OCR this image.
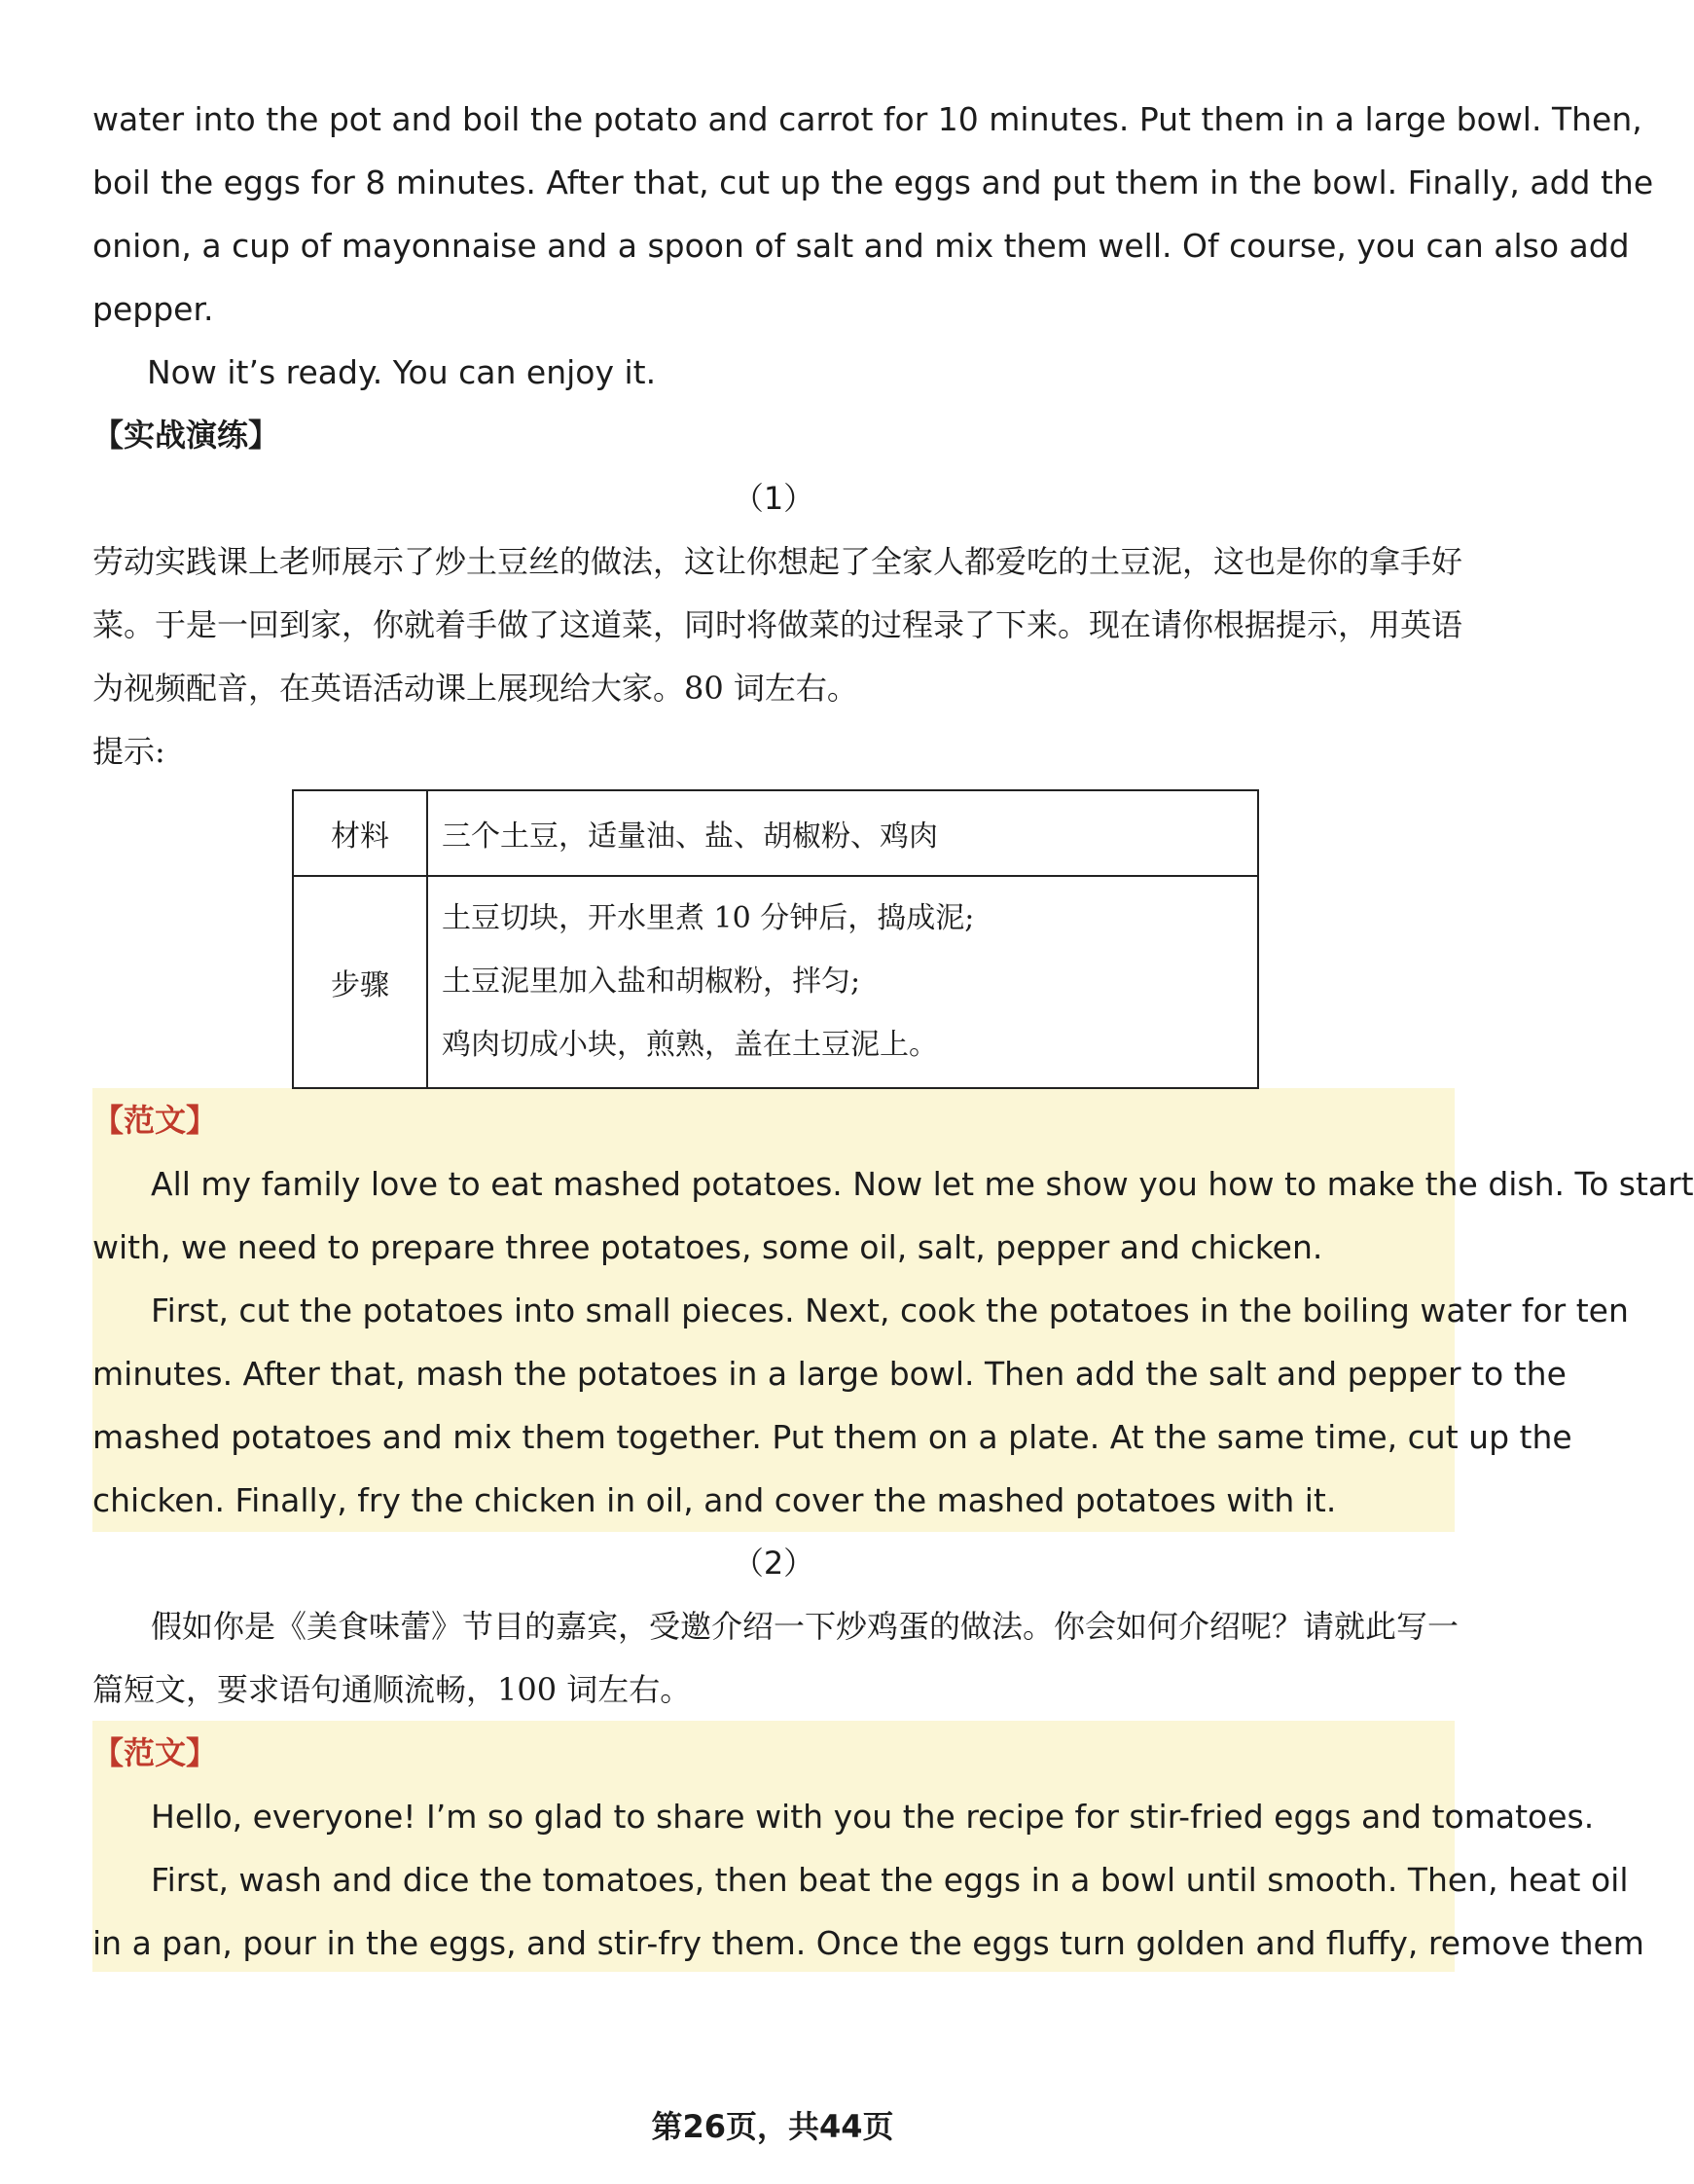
water into the pot and boil the potato and carrot for 10 minutes. Put them in a large bowl. Then,
boil the eggs for 8 minutes. After that, cut up the eggs and put them in the bowl. Finally, add the
onion, a cup of mayonnaise and a spoon of salt and mix them well. Of course, you can also add
pepper.
Now it’s ready. You can enjoy it.
【实战演练】
（1）
劳动实践课上老师展示了炒土豆丝的做法，这让你想起了全家人都爱吃的土豆泥，这也是你的拿手好
菜。于是一回到家，你就着手做了这道菜，同时将做菜的过程录了下来。现在请你根据提示，用英语
为视频配音，在英语活动课上展现给大家。80 词左右。
提示:
材料	三个土豆，适量油、盐、胡椒粉、鸡肉
步骤
土豆切块，开水里煮 10 分钟后，捣成泥;
土豆泥里加入盐和胡椒粉，拌匀;
鸡肉切成小块，煎熟，盖在土豆泥上。
【范文】
All my family love to eat mashed potatoes. Now let me show you how to make the dish. To start
with, we need to prepare three potatoes, some oil, salt, pepper and chicken.
First, cut the potatoes into small pieces. Next, cook the potatoes in the boiling water for ten
minutes. After that, mash the potatoes in a large bowl. Then add the salt and pepper to the
mashed potatoes and mix them together. Put them on a plate. At the same time, cut up the
chicken. Finally, fry the chicken in oil, and cover the mashed potatoes with it.
（2）
假如你是《美食味蕾》节目的嘉宾，受邀介绍一下炒鸡蛋的做法。你会如何介绍呢？请就此写一
篇短文，要求语句通顺流畅，100 词左右。
【范文】
Hello, everyone! I’m so glad to share with you the recipe for stir-fried eggs and tomatoes.
First, wash and dice the tomatoes, then beat the eggs in a bowl until smooth. Then, heat oil
in a pan, pour in the eggs, and stir-fry them. Once the eggs turn golden and fluffy, remove them
第26页，共44页
